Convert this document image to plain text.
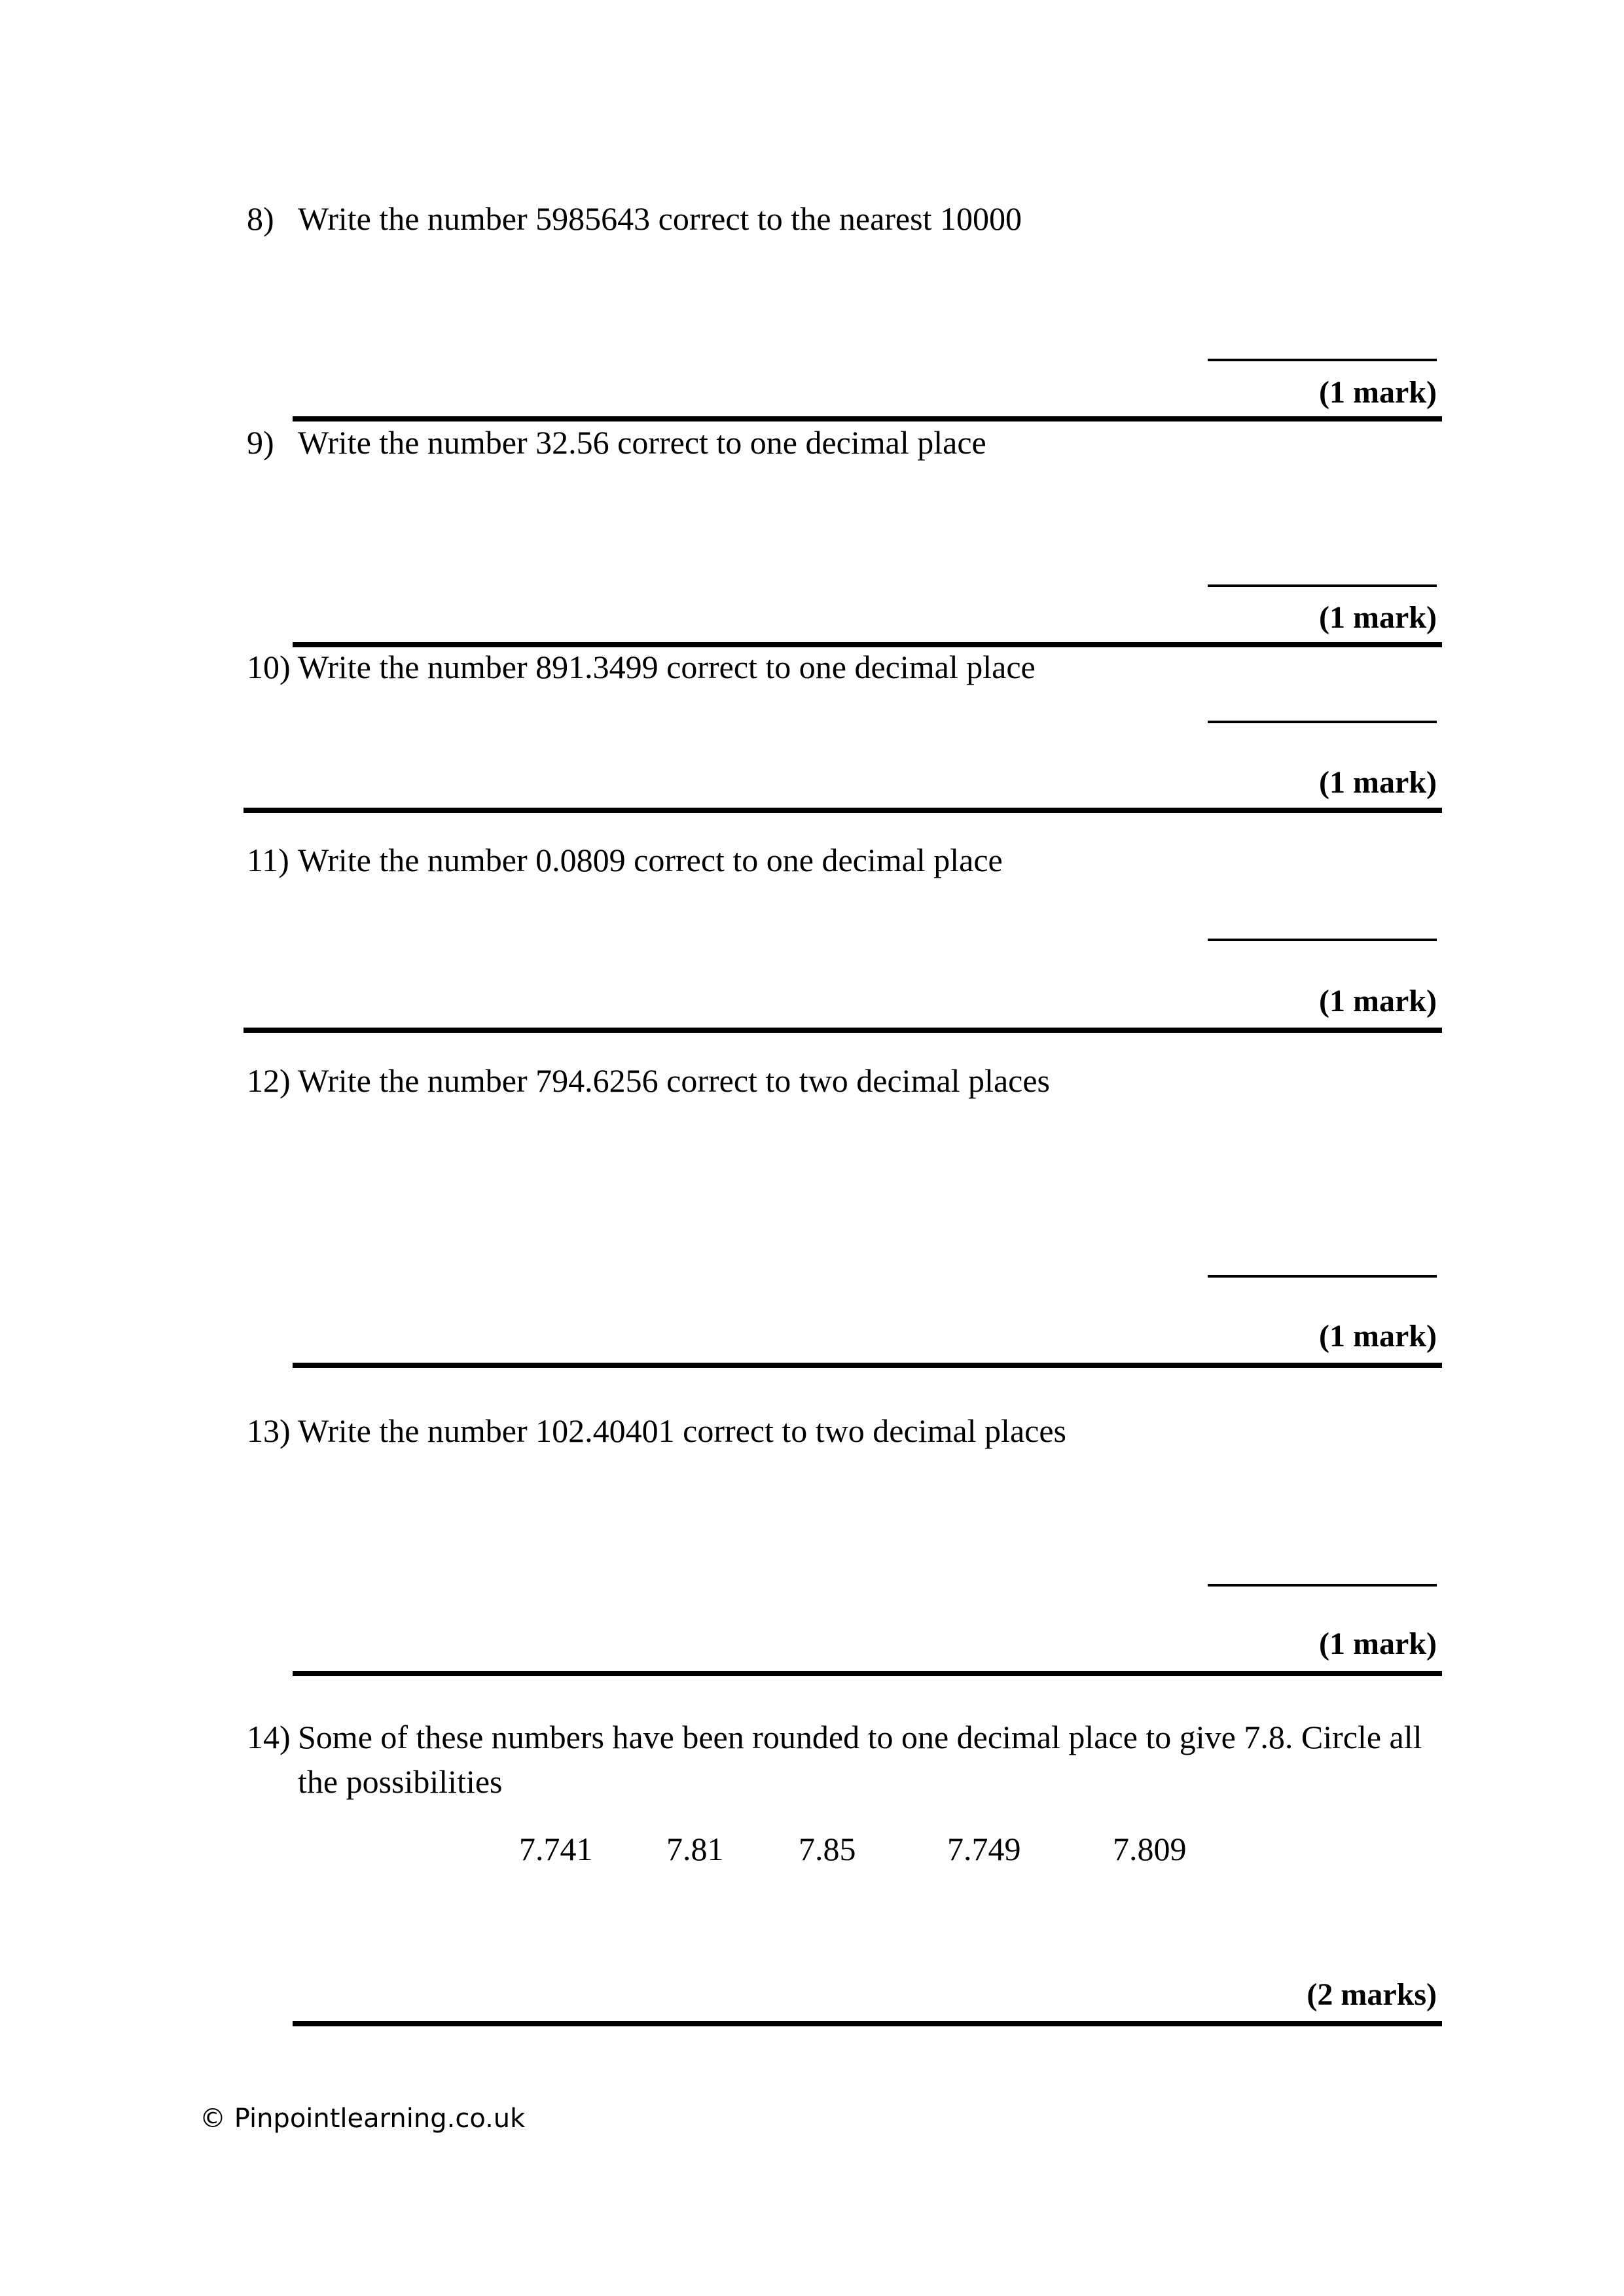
8) Write the number 5985643 correct to the nearest 10000
(1 mark)
9) Write the number 32.56 correct to one decimal place
(1 mark)
10) Write the number 891.3499 correct to one decimal place
(1 mark)
11) Write the number 0.0809 correct to one decimal place
(1 mark)
12) Write the number 794.6256 correct to two decimal places
(1 mark)
13) Write the number 102.40401 correct to two decimal places
(1 mark)
14) Some of these numbers have been rounded to one decimal place to give 7.8. Circle all
the possibilities
7.741 7.81 7.85	7.749	7.809
(2 marks)
© Pinpointlearning.co.uk
